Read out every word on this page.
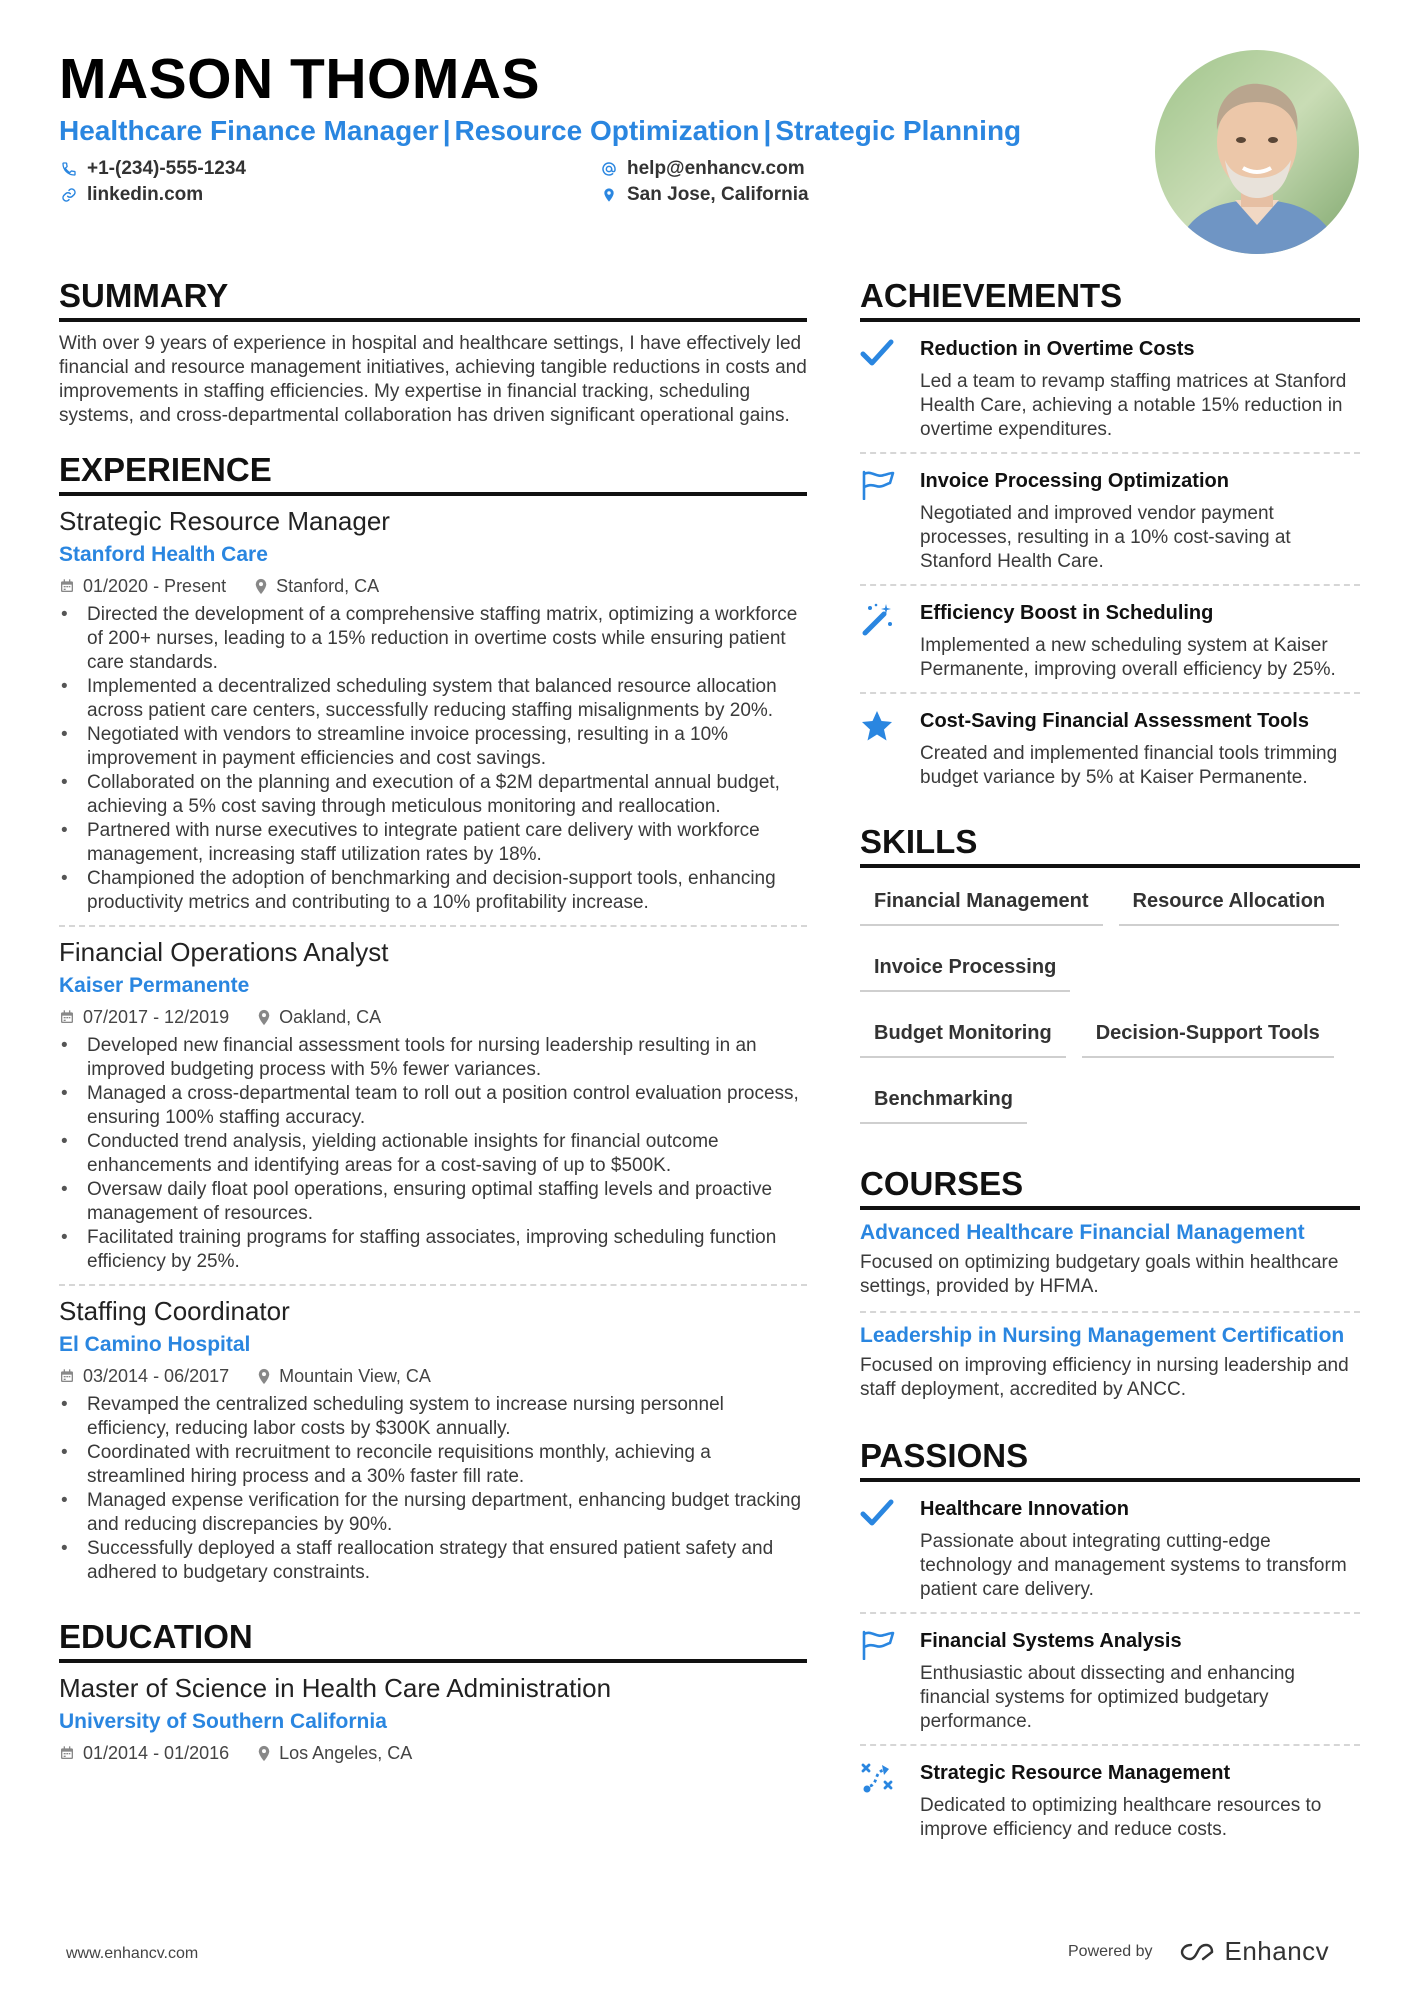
MASON THOMAS
Healthcare Finance Manager | Resource Optimization | Strategic Planning
+1-(234)-555-1234
linkedin.com
help@enhancv.com
San Jose, California
SUMMARY
With over 9 years of experience in hospital and healthcare settings, I have effectively led financial and resource management initiatives, achieving tangible reductions in costs and improvements in staffing efficiencies. My expertise in financial tracking, scheduling systems, and cross-departmental collaboration has driven significant operational gains.
EXPERIENCE
Strategic Resource Manager
Stanford Health Care
01/2020 - Present	Stanford, CA
• Directed the development of a comprehensive staffing matrix, optimizing a workforce of 200+ nurses, leading to a 15% reduction in overtime costs while ensuring patient care standards.
• Implemented a decentralized scheduling system that balanced resource allocation across patient care centers, successfully reducing staffing misalignments by 20%.
• Negotiated with vendors to streamline invoice processing, resulting in a 10% improvement in payment efficiencies and cost savings.
• Collaborated on the planning and execution of a $2M departmental annual budget, achieving a 5% cost saving through meticulous monitoring and reallocation.
• Partnered with nurse executives to integrate patient care delivery with workforce management, increasing staff utilization rates by 18%.
• Championed the adoption of benchmarking and decision-support tools, enhancing productivity metrics and contributing to a 10% profitability increase.
Financial Operations Analyst
Kaiser Permanente
07/2017 - 12/2019	Oakland, CA
• Developed new financial assessment tools for nursing leadership resulting in an improved budgeting process with 5% fewer variances.
• Managed a cross-departmental team to roll out a position control evaluation process, ensuring 100% staffing accuracy.
• Conducted trend analysis, yielding actionable insights for financial outcome enhancements and identifying areas for a cost-saving of up to $500K.
• Oversaw daily float pool operations, ensuring optimal staffing levels and proactive management of resources.
• Facilitated training programs for staffing associates, improving scheduling function efficiency by 25%.
Staffing Coordinator
El Camino Hospital
03/2014 - 06/2017	Mountain View, CA
• Revamped the centralized scheduling system to increase nursing personnel efficiency, reducing labor costs by $300K annually.
• Coordinated with recruitment to reconcile requisitions monthly, achieving a streamlined hiring process and a 30% faster fill rate.
• Managed expense verification for the nursing department, enhancing budget tracking and reducing discrepancies by 90%.
• Successfully deployed a staff reallocation strategy that ensured patient safety and adhered to budgetary constraints.
EDUCATION
Master of Science in Health Care Administration
University of Southern California
01/2014 - 01/2016	Los Angeles, CA
ACHIEVEMENTS
Reduction in Overtime Costs
Led a team to revamp staffing matrices at Stanford Health Care, achieving a notable 15% reduction in overtime expenditures.
Invoice Processing Optimization
Negotiated and improved vendor payment processes, resulting in a 10% cost-saving at Stanford Health Care.
Efficiency Boost in Scheduling
Implemented a new scheduling system at Kaiser Permanente, improving overall efficiency by 25%.
Cost-Saving Financial Assessment Tools
Created and implemented financial tools trimming budget variance by 5% at Kaiser Permanente.
SKILLS
Financial Management	Resource Allocation
Invoice Processing
Budget Monitoring	Decision-Support Tools
Benchmarking
COURSES
Advanced Healthcare Financial Management
Focused on optimizing budgetary goals within healthcare settings, provided by HFMA.
Leadership in Nursing Management Certification
Focused on improving efficiency in nursing leadership and staff deployment, accredited by ANCC.
PASSIONS
Healthcare Innovation
Passionate about integrating cutting-edge technology and management systems to transform patient care delivery.
Financial Systems Analysis
Enthusiastic about dissecting and enhancing financial systems for optimized budgetary performance.
Strategic Resource Management
Dedicated to optimizing healthcare resources to improve efficiency and reduce costs.
www.enhancv.com	Powered by	Enhancv
